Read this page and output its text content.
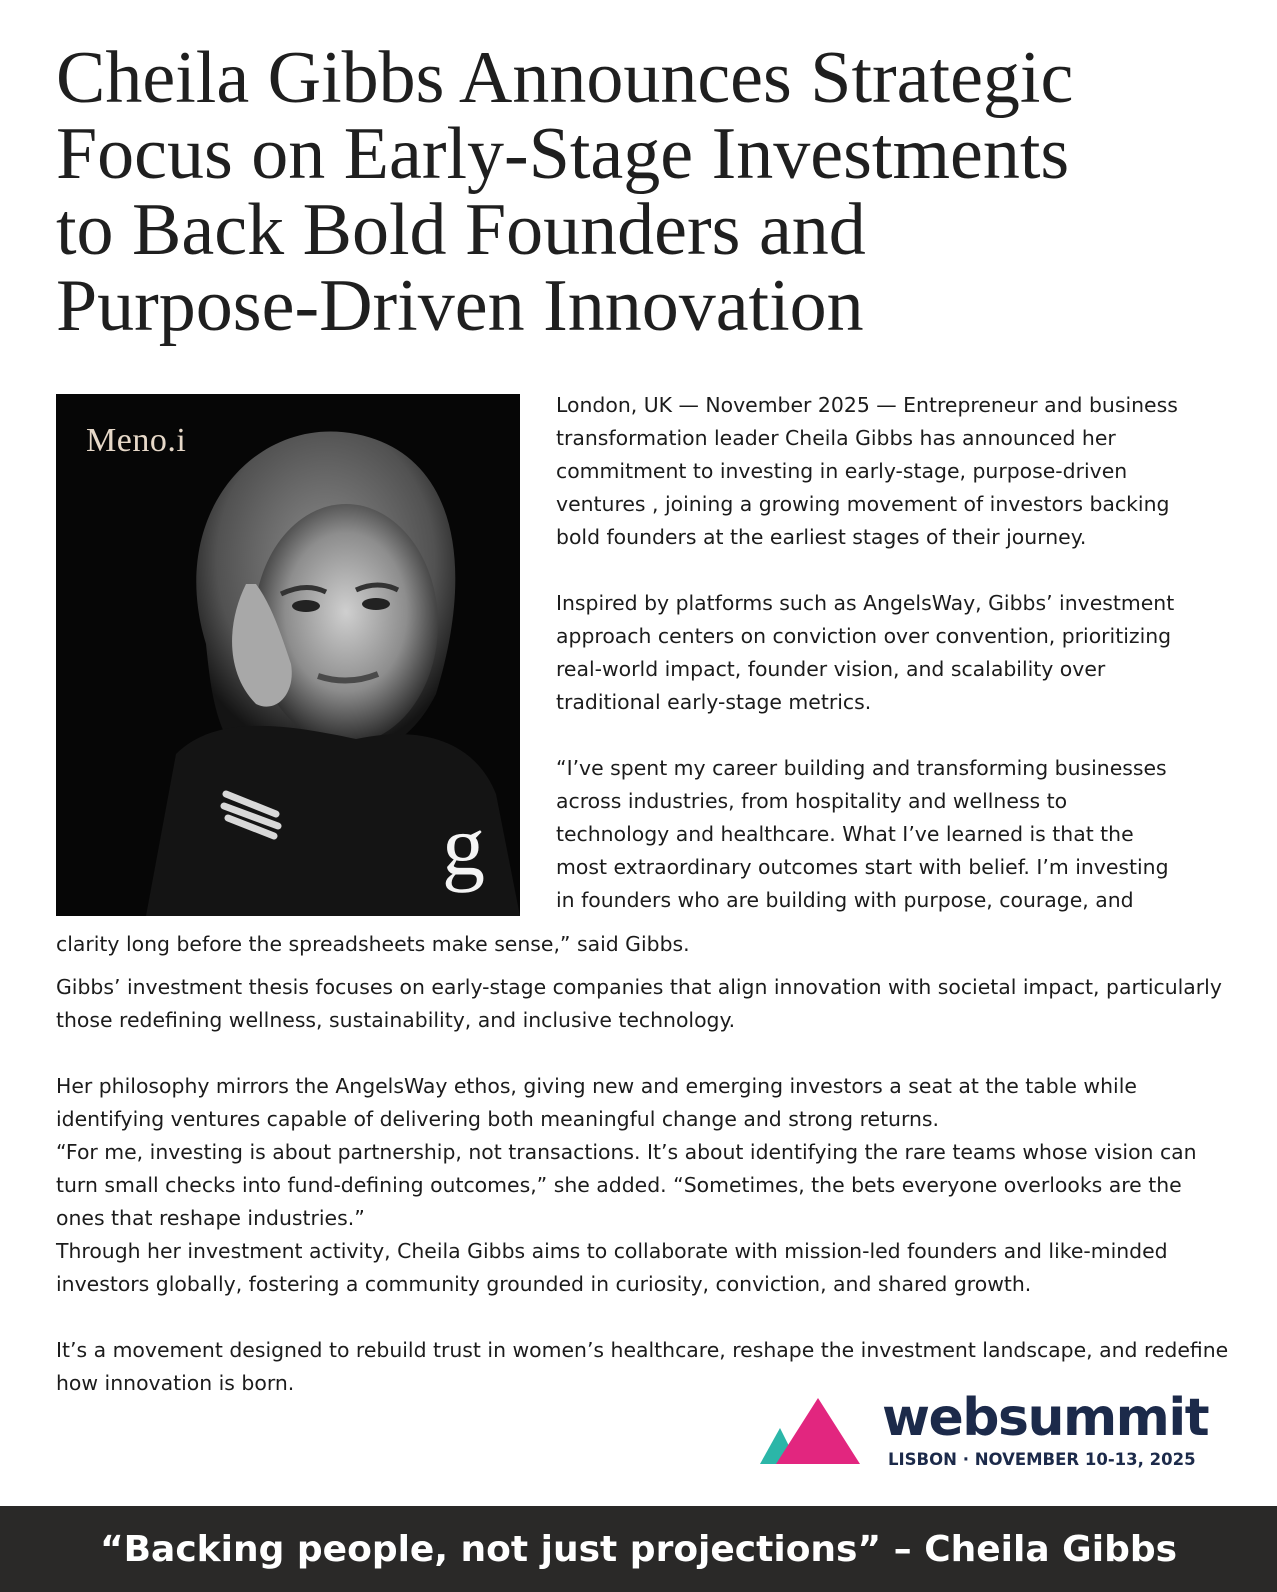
Cheila Gibbs Announces Strategic
Focus on Early-Stage Investments
to Back Bold Founders and
Purpose-Driven Innovation
Meno.i
g

London, UK — November 2025 — Entrepreneur and business
transformation leader Cheila Gibbs has announced her
commitment to investing in early-stage, purpose-driven
ventures , joining a growing movement of investors backing
bold founders at the earliest stages of their journey.

Inspired by platforms such as AngelsWay, Gibbs’ investment
approach centers on conviction over convention, prioritizing
real-world impact, founder vision, and scalability over
traditional early-stage metrics.

“I’ve spent my career building and transforming businesses
across industries, from hospitality and wellness to
technology and healthcare. What I’ve learned is that the
most extraordinary outcomes start with belief. I’m investing
in founders who are building with purpose, courage, and

clarity long before the spreadsheets make sense,” said Gibbs.

Gibbs’ investment thesis focuses on early-stage companies that align innovation with societal impact, particularly those redefining wellness, sustainability, and inclusive technology.

Her philosophy mirrors the AngelsWay ethos, giving new and emerging investors a seat at the table while identifying ventures capable of delivering both meaningful change and strong returns.

“For me, investing is about partnership, not transactions. It’s about identifying the rare teams whose vision can turn small checks into fund-defining outcomes,” she added. “Sometimes, the bets everyone overlooks are the ones that reshape industries.”

Through her investment activity, Cheila Gibbs aims to collaborate with mission-led founders and like-minded investors globally, fostering a community grounded in curiosity, conviction, and shared growth.

It’s a movement designed to rebuild trust in women’s healthcare, reshape the investment landscape, and redefine how innovation is born.

websummit
LISBON · NOVEMBER 10-13, 2025
“Backing people, not just projections” – Cheila Gibbs
